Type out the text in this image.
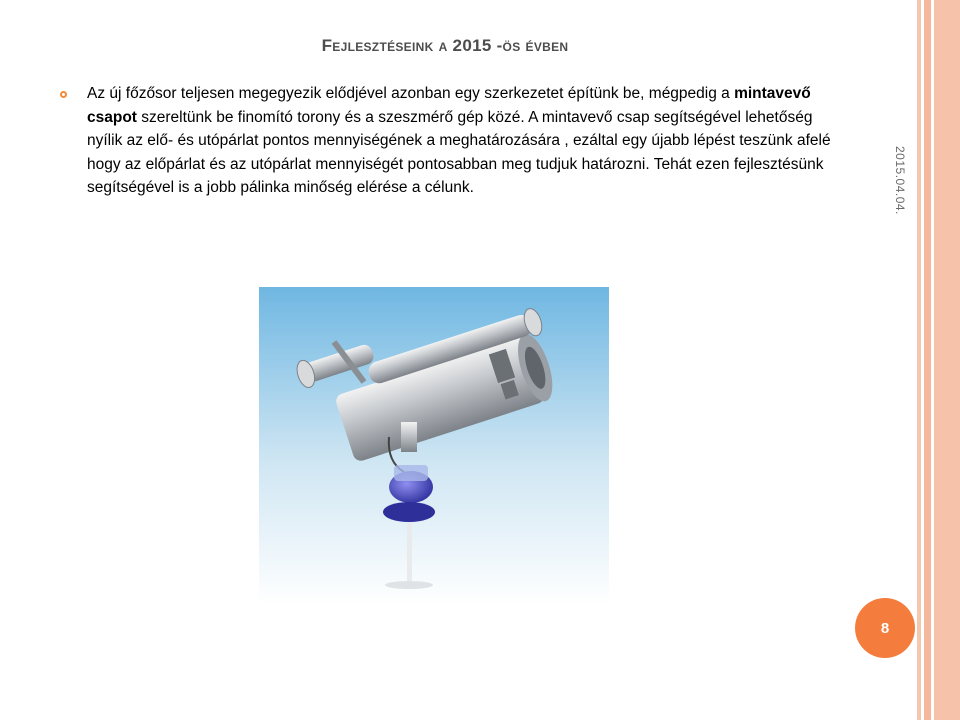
Fejlesztéseink a 2015 -ös évben
Az új főzősor teljesen megegyezik elődjével azonban egy szerkezetet építünk be, mégpedig a mintavevő csapot szereltünk be finomító torony és a szeszmérő gép közé. A mintavevő csap segítségével lehetőség nyílik az elő- és utópárlat pontos mennyiségének a meghatározására , ezáltal egy újabb lépést teszünk afelé hogy az előpárlat és az utópárlat mennyiségét pontosabban meg tudjuk határozni. Tehát ezen fejlesztésünk segítségével is a jobb pálinka minőség elérése a célunk.	2015.04.04.
8
